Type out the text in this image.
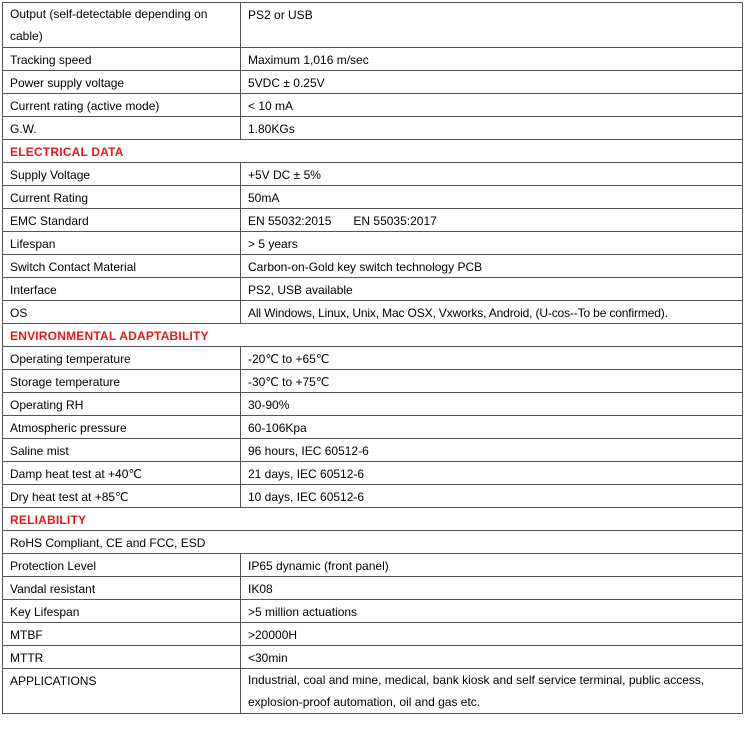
Output (self-detectable depending on cable)	PS2 or USB
Tracking speed	Maximum 1,016 m/sec
Power supply voltage	5VDC ± 0.25V
Current rating (active mode)	< 10 mA
G.W.	1.80KGs
ELECTRICAL DATA	
Supply Voltage	+5V DC ± 5%
Current Rating	50mA
EMC Standard	EN 55032:2015 EN 55035:2017
Lifespan	> 5 years
Switch Contact Material	Carbon-on-Gold key switch technology PCB
Interface	PS2, USB available
OS	All Windows, Linux, Unix, Mac OSX, Vxworks, Android, (U-cos--To be confirmed).
ENVIRONMENTAL ADAPTABILITY	
Operating temperature	-20℃ to +65℃
Storage temperature	-30℃ to +75℃
Operating RH	30-90%
Atmospheric pressure	60-106Kpa
Saline mist	96 hours, IEC 60512-6
Damp heat test at +40℃	21 days, IEC 60512-6
Dry heat test at +85℃	10 days, IEC 60512-6
RELIABILITY	
RoHS Compliant, CE and FCC, ESD	
Protection Level	IP65 dynamic (front panel)
Vandal resistant	IK08
Key Lifespan	>5 million actuations
MTBF	>20000H
MTTR	<30min
APPLICATIONS	Industrial, coal and mine, medical, bank kiosk and self service terminal, public access, explosion-proof automation, oil and gas etc.
